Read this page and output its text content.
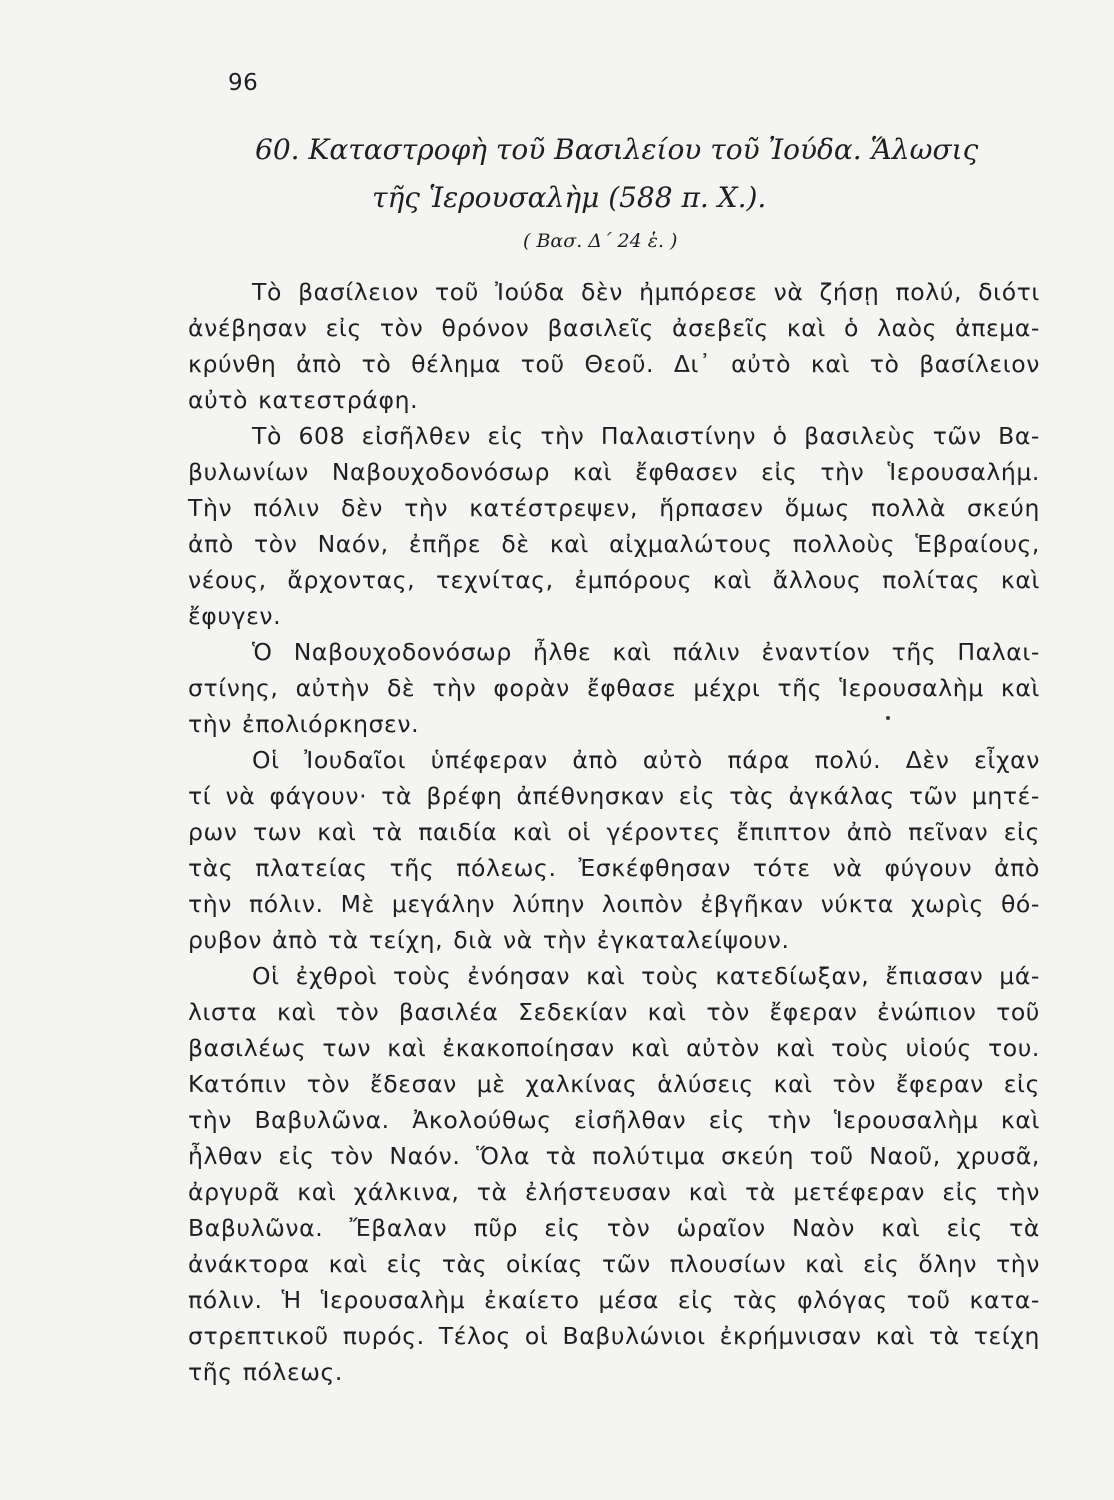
96
60. Καταστροφὴ τοῦ Βασιλείου τοῦ Ἰούδα. Ἅλωσις
τῆς Ἱερουσαλὴμ (588 π. Χ.).
( Βασ. Δ΄ 24 ἑ. )
Τὸ βασίλειον τοῦ Ἰούδα δὲν ἠμπόρεσε νὰ ζήσῃ πολύ, διότι
ἀνέβησαν εἰς τὸν θρόνον βασιλεῖς ἀσεβεῖς καὶ ὁ λαὸς ἀπεμα-
κρύνθη ἀπὸ τὸ θέλημα τοῦ Θεοῦ. Δι᾿ αὐτὸ καὶ τὸ βασίλειον
αὐτὸ κατεστράφη.
Τὸ 608 εἰσῆλθεν εἰς τὴν Παλαιστίνην ὁ βασιλεὺς τῶν Βα-
βυλωνίων Ναβουχοδονόσωρ καὶ ἔφθασεν εἰς τὴν Ἱερουσαλήμ.
Τὴν πόλιν δὲν τὴν κατέστρεψεν, ἥρπασεν ὅμως πολλὰ σκεύη
ἀπὸ τὸν Ναόν, ἐπῆρε δὲ καὶ αἰχμαλώτους πολλοὺς Ἑβραίους,
νέους, ἄρχοντας, τεχνίτας, ἐμπόρους καὶ ἄλλους πολίτας καὶ
ἔφυγεν.
Ὁ Ναβουχοδονόσωρ ἦλθε καὶ πάλιν ἐναντίον τῆς Παλαι-
στίνης, αὐτὴν δὲ τὴν φορὰν ἔφθασε μέχρι τῆς Ἱερουσαλὴμ καὶ
τὴν ἐπολιόρκησεν.
Οἱ Ἰουδαῖοι ὑπέφεραν ἀπὸ αὐτὸ πάρα πολύ. Δὲν εἶχαν
τί νὰ φάγουν· τὰ βρέφη ἀπέθνησκαν εἰς τὰς ἀγκάλας τῶν μητέ-
ρων των καὶ τὰ παιδία καὶ οἱ γέροντες ἔπιπτον ἀπὸ πεῖναν εἰς
τὰς πλατείας τῆς πόλεως. Ἐσκέφθησαν τότε νὰ φύγουν ἀπὸ
τὴν πόλιν. Μὲ μεγάλην λύπην λοιπὸν ἐβγῆκαν νύκτα χωρὶς θό-
ρυβον ἀπὸ τὰ τείχη, διὰ νὰ τὴν ἐγκαταλείψουν.
Οἱ ἐχθροὶ τοὺς ἐνόησαν καὶ τοὺς κατεδίωξαν, ἔπιασαν μά-
λιστα καὶ τὸν βασιλέα Σεδεκίαν καὶ τὸν ἔφεραν ἐνώπιον τοῦ
βασιλέως των καὶ ἐκακοποίησαν καὶ αὐτὸν καὶ τοὺς υἱούς του.
Κατόπιν τὸν ἔδεσαν μὲ χαλκίνας ἁλύσεις καὶ τὸν ἔφεραν εἰς
τὴν Βαβυλῶνα. Ἀκολούθως εἰσῆλθαν εἰς τὴν Ἱερουσαλὴμ καὶ
ἦλθαν εἰς τὸν Ναόν. Ὅλα τὰ πολύτιμα σκεύη τοῦ Ναοῦ, χρυσᾶ,
ἀργυρᾶ καὶ χάλκινα, τὰ ἐλήστευσαν καὶ τὰ μετέφεραν εἰς τὴν
Βαβυλῶνα. Ἔβαλαν πῦρ εἰς τὸν ὡραῖον Ναὸν καὶ εἰς τὰ
ἀνάκτορα καὶ εἰς τὰς οἰκίας τῶν πλουσίων καὶ εἰς ὅλην τὴν
πόλιν. Ἡ Ἱερουσαλὴμ ἐκαίετο μέσα εἰς τὰς φλόγας τοῦ κατα-
στρεπτικοῦ πυρός. Τέλος οἱ Βαβυλώνιοι ἐκρήμνισαν καὶ τὰ τείχη
τῆς πόλεως.
